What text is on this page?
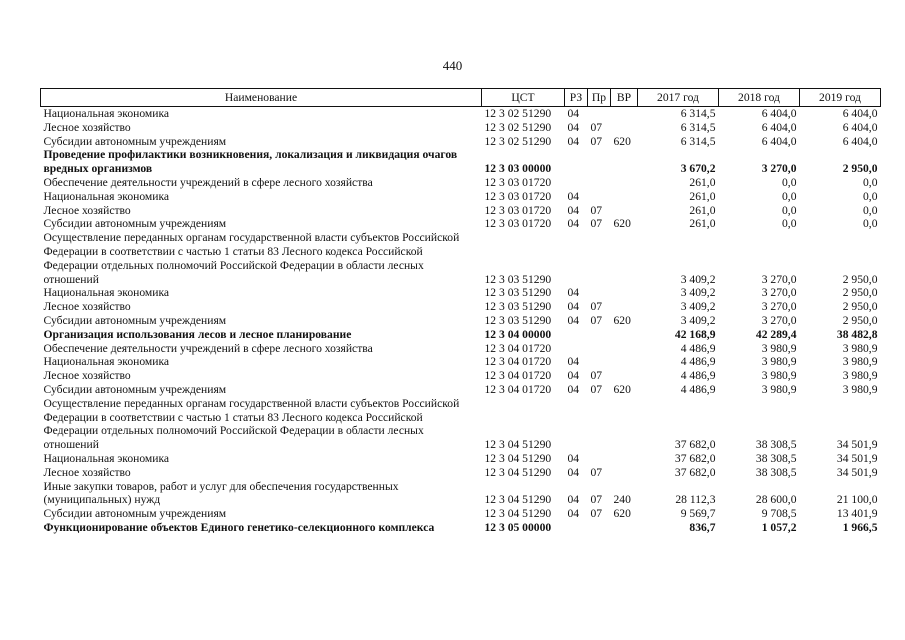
440
Наименование	ЦСТ	РЗ	Пр	ВР	2017 год	2018 год	2019 год
Национальная экономика	12 3 02 51290	04			6 314,5	6 404,0	6 404,0
Лесное хозяйство	12 3 02 51290	04	07		6 314,5	6 404,0	6 404,0
Субсидии автономным учреждениям	12 3 02 51290	04	07	620	6 314,5	6 404,0	6 404,0
Проведение профилактики возникновения, локализация и ликвидация очагов вредных организмов	12 3 03 00000				3 670,2	3 270,0	2 950,0
Обеспечение деятельности учреждений в сфере лесного хозяйства	12 3 03 01720				261,0	0,0	0,0
Национальная экономика	12 3 03 01720	04			261,0	0,0	0,0
Лесное хозяйство	12 3 03 01720	04	07		261,0	0,0	0,0
Субсидии автономным учреждениям	12 3 03 01720	04	07	620	261,0	0,0	0,0
Осуществление переданных органам государственной власти субъектов Российской Федерации в соответствии с частью 1 статьи 83 Лесного кодекса Российской Федерации отдельных полномочий Российской Федерации в области лесных отношений	12 3 03 51290				3 409,2	3 270,0	2 950,0
Национальная экономика	12 3 03 51290	04			3 409,2	3 270,0	2 950,0
Лесное хозяйство	12 3 03 51290	04	07		3 409,2	3 270,0	2 950,0
Субсидии автономным учреждениям	12 3 03 51290	04	07	620	3 409,2	3 270,0	2 950,0
Организация использования лесов и лесное планирование	12 3 04 00000				42 168,9	42 289,4	38 482,8
Обеспечение деятельности учреждений в сфере лесного хозяйства	12 3 04 01720				4 486,9	3 980,9	3 980,9
Национальная экономика	12 3 04 01720	04			4 486,9	3 980,9	3 980,9
Лесное хозяйство	12 3 04 01720	04	07		4 486,9	3 980,9	3 980,9
Субсидии автономным учреждениям	12 3 04 01720	04	07	620	4 486,9	3 980,9	3 980,9
Осуществление переданных органам государственной власти субъектов Российской Федерации в соответствии с частью 1 статьи 83 Лесного кодекса Российской Федерации отдельных полномочий Российской Федерации в области лесных отношений	12 3 04 51290				37 682,0	38 308,5	34 501,9
Национальная экономика	12 3 04 51290	04			37 682,0	38 308,5	34 501,9
Лесное хозяйство	12 3 04 51290	04	07		37 682,0	38 308,5	34 501,9
Иные закупки товаров, работ и услуг для обеспечения государственных (муниципальных) нужд	12 3 04 51290	04	07	240	28 112,3	28 600,0	21 100,0
Субсидии автономным учреждениям	12 3 04 51290	04	07	620	9 569,7	9 708,5	13 401,9
Функционирование объектов Единого генетико-селекционного комплекса	12 3 05 00000				836,7	1 057,2	1 966,5
